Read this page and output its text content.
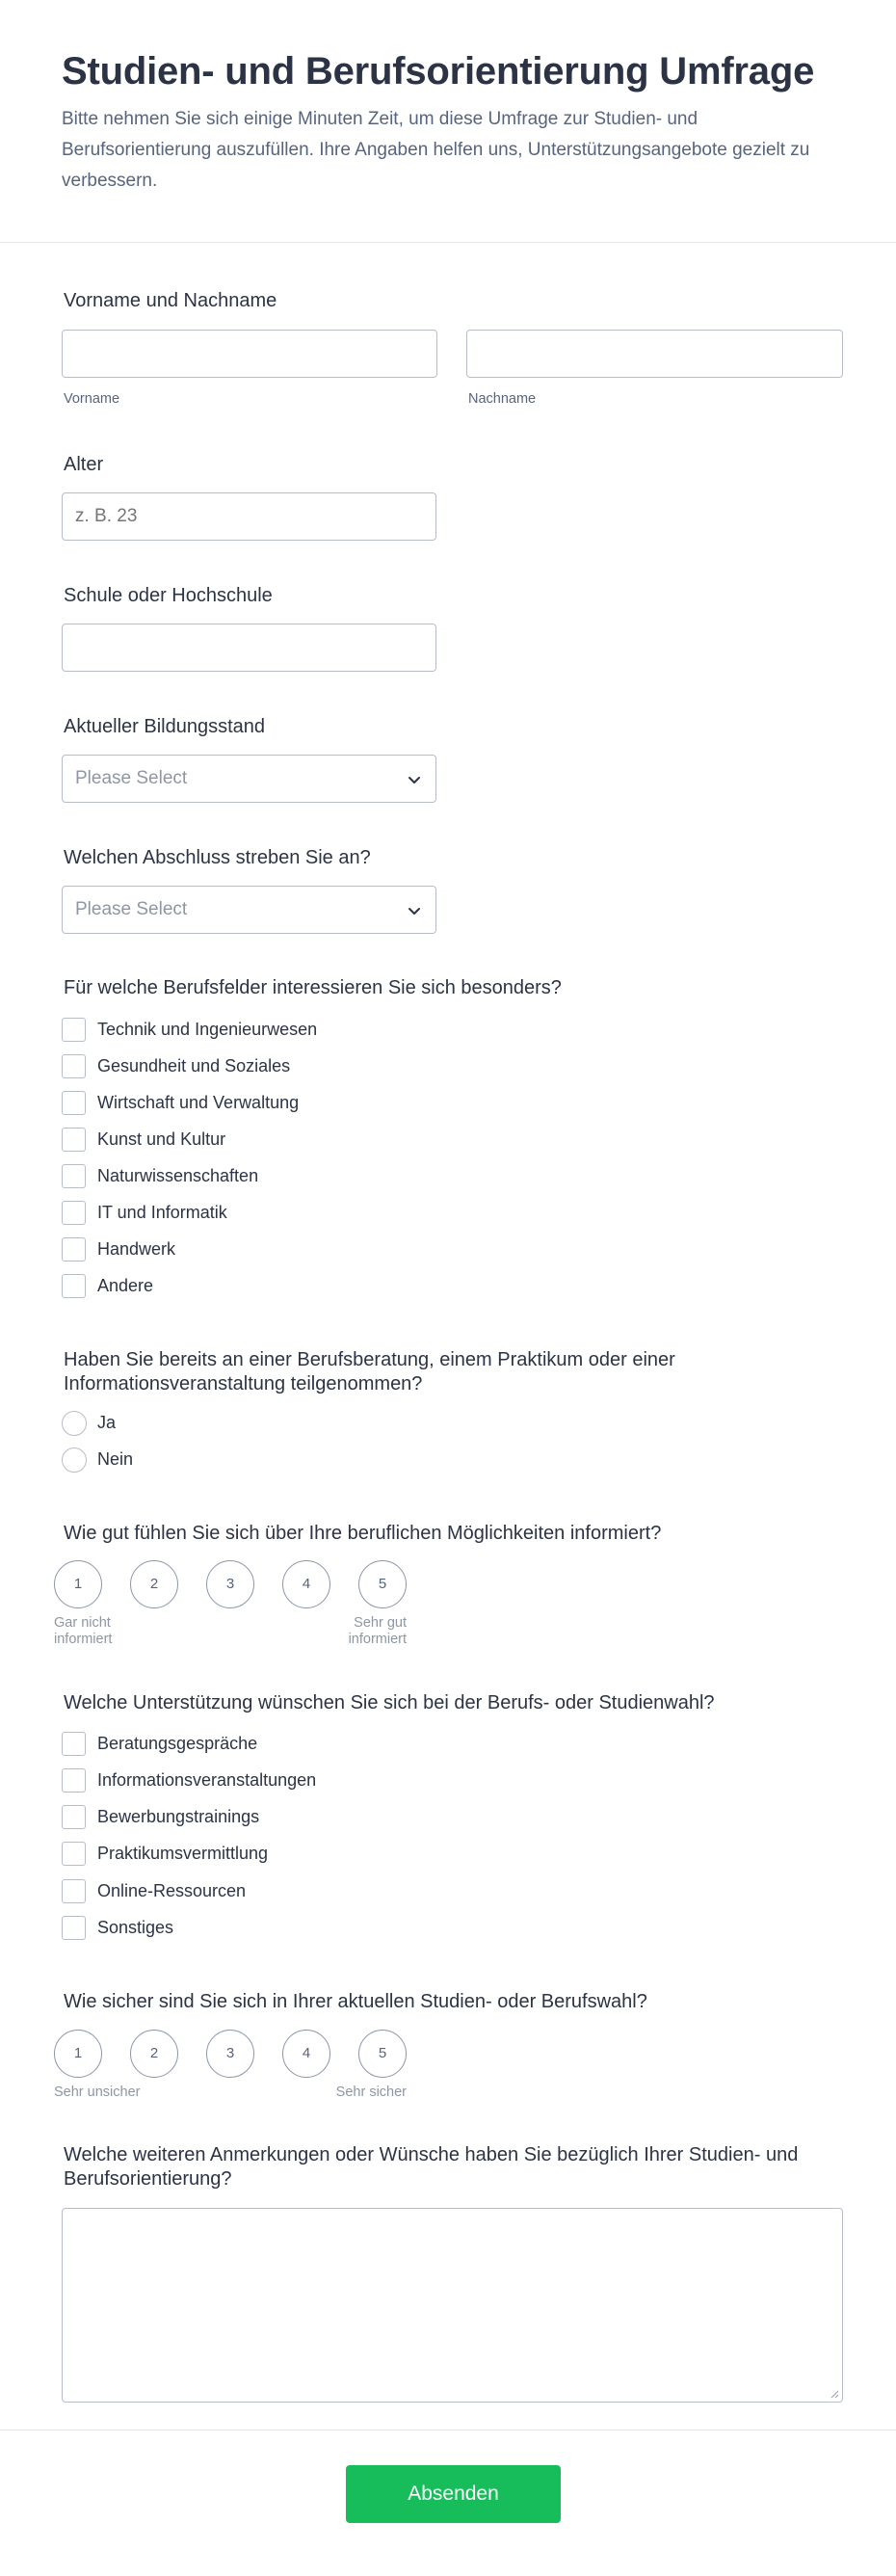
Studien- und Berufsorientierung Umfrage

Bitte nehmen Sie sich einige Minuten Zeit, um diese Umfrage zur Studien- und Berufsorientierung auszufüllen. Ihre Angaben helfen uns, Unterstützungsangebote gezielt zu verbessern.

Vorname und Nachname
Vorname	Nachname
Alter
z. B. 23
Schule oder Hochschule
Aktueller Bildungsstand
Please Select
Welchen Abschluss streben Sie an?
Please Select
Für welche Berufsfelder interessieren Sie sich besonders?
Technik und Ingenieurwesen
Gesundheit und Soziales
Wirtschaft und Verwaltung
Kunst und Kultur
Naturwissenschaften
IT und Informatik
Handwerk
Andere
Haben Sie bereits an einer Berufsberatung, einem Praktikum oder einer Informationsveranstaltung teilgenommen?
Ja
Nein
Wie gut fühlen Sie sich über Ihre beruflichen Möglichkeiten informiert?
1	2	3	4	5
Gar nicht informiert
Sehr gut informiert
Welche Unterstützung wünschen Sie sich bei der Berufs- oder Studienwahl?
Beratungsgespräche
Informationsveranstaltungen
Bewerbungstrainings
Praktikumsvermittlung
Online-Ressourcen
Sonstiges
Wie sicher sind Sie sich in Ihrer aktuellen Studien- oder Berufswahl?
1	2	3	4	5
Sehr unsicher	Sehr sicher
Welche weiteren Anmerkungen oder Wünsche haben Sie bezüglich Ihrer Studien- und Berufsorientierung?
Absenden
